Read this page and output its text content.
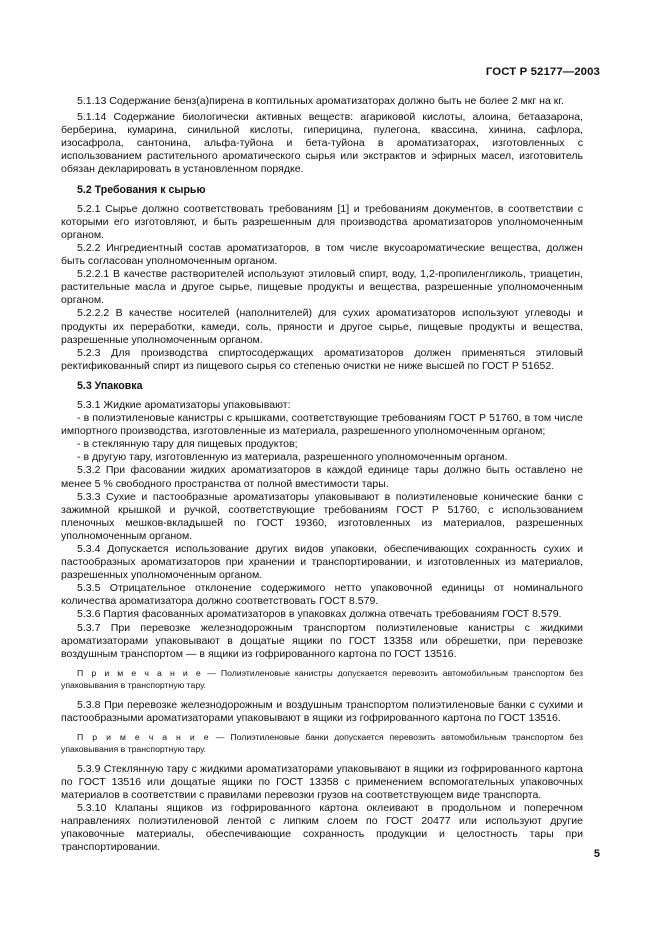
ГОСТ Р 52177—2003

5.1.13 Содержание бенз(а)пирена в коптильных ароматизаторах должно быть не более 2 мкг на кг.

5.1.14 Содержание биологически активных веществ: агариковой кислоты, алоина, бетаазарона, берберина, кумарина, синильной кислоты, гиперицина, пулегона, квассина, хинина, сафлора, изосафрола, сантонина, альфа-туйона и бета-туйона в ароматизаторах, изготовленных с использованием растительного ароматического сырья или экстрактов и эфирных масел, изготовитель обязан декларировать в установленном порядке.

5.2 Требования к сырью

5.2.1 Сырье должно соответствовать требованиям [1] и требованиям документов, в соответствии с которыми его изготовляют, и быть разрешенным для производства ароматизаторов уполномоченным органом.

5.2.2 Ингредиентный состав ароматизаторов, в том числе вкусоароматические вещества, должен быть согласован уполномоченным органом.

5.2.2.1 В качестве растворителей используют этиловый спирт, воду, 1,2-пропиленгликоль, триацетин, растительные масла и другое сырье, пищевые продукты и вещества, разрешенные уполномоченным органом.

5.2.2.2 В качестве носителей (наполнителей) для сухих ароматизаторов используют углеводы и продукты их переработки, камеди, соль, пряности и другое сырье, пищевые продукты и вещества, разрешенные уполномоченным органом.

5.2.3 Для производства спиртосодержащих ароматизаторов должен применяться этиловый ректификованный спирт из пищевого сырья со степенью очистки не ниже высшей по ГОСТ Р 51652.

5.3 Упаковка

5.3.1 Жидкие ароматизаторы упаковывают:

- в полиэтиленовые канистры с крышками, соответствующие требованиям ГОСТ Р 51760, в том числе импортного производства, изготовленные из материала, разрешенного уполномоченным органом;

- в стеклянную тару для пищевых продуктов;

- в другую тару, изготовленную из материала, разрешенного уполномоченным органом.

5.3.2 При фасовании жидких ароматизаторов в каждой единице тары должно быть оставлено не менее 5 % свободного пространства от полной вместимости тары.

5.3.3 Сухие и пастообразные ароматизаторы упаковывают в полиэтиленовые конические банки с зажимной крышкой и ручкой, соответствующие требованиям ГОСТ Р 51760, с использованием пленочных мешков-вкладышей по ГОСТ 19360, изготовленных из материалов, разрешенных уполномоченным органом.

5.3.4 Допускается использование других видов упаковки, обеспечивающих сохранность сухих и пастообразных ароматизаторов при хранении и транспортировании, и изготовленных из материалов, разрешенных уполномоченным органом.

5.3.5 Отрицательное отклонение содержимого нетто упаковочной единицы от номинального количества ароматизатора должно соответствовать ГОСТ 8.579.

5.3.6 Партия фасованных ароматизаторов в упаковках должна отвечать требованиям ГОСТ 8.579.

5.3.7 При перевозке железнодорожным транспортом полиэтиленовые канистры с жидкими ароматизаторами упаковывают в дощатые ящики по ГОСТ 13358 или обрешетки, при перевозке воздушным транспортом — в ящики из гофрированного картона по ГОСТ 13516.

П р и м е ч а н и е — Полиэтиленовые канистры допускается перевозить автомобильным транспортом без упаковывания в транспортную тару.

5.3.8 При перевозке железнодорожным и воздушным транспортом полиэтиленовые банки с сухими и пастообразными ароматизаторами упаковывают в ящики из гофрированного картона по ГОСТ 13516.

П р и м е ч а н и е — Полиэтиленовые банки допускается перевозить автомобильным транспортом без упаковывания в транспортную тару.

5.3.9 Стеклянную тару с жидкими ароматизаторами упаковывают в ящики из гофрированного картона по ГОСТ 13516 или дощатые ящики по ГОСТ 13358 с применением вспомогательных упаковочных материалов в соответствии с правилами перевозки грузов на соответствующем виде транспорта.

5.3.10 Клапаны ящиков из гофрированного картона оклеивают в продольном и поперечном направлениях полиэтиленовой лентой с липким слоем по ГОСТ 20477 или используют другие упаковочные материалы, обеспечивающие сохранность продукции и целостность тары при транспортировании.

5
